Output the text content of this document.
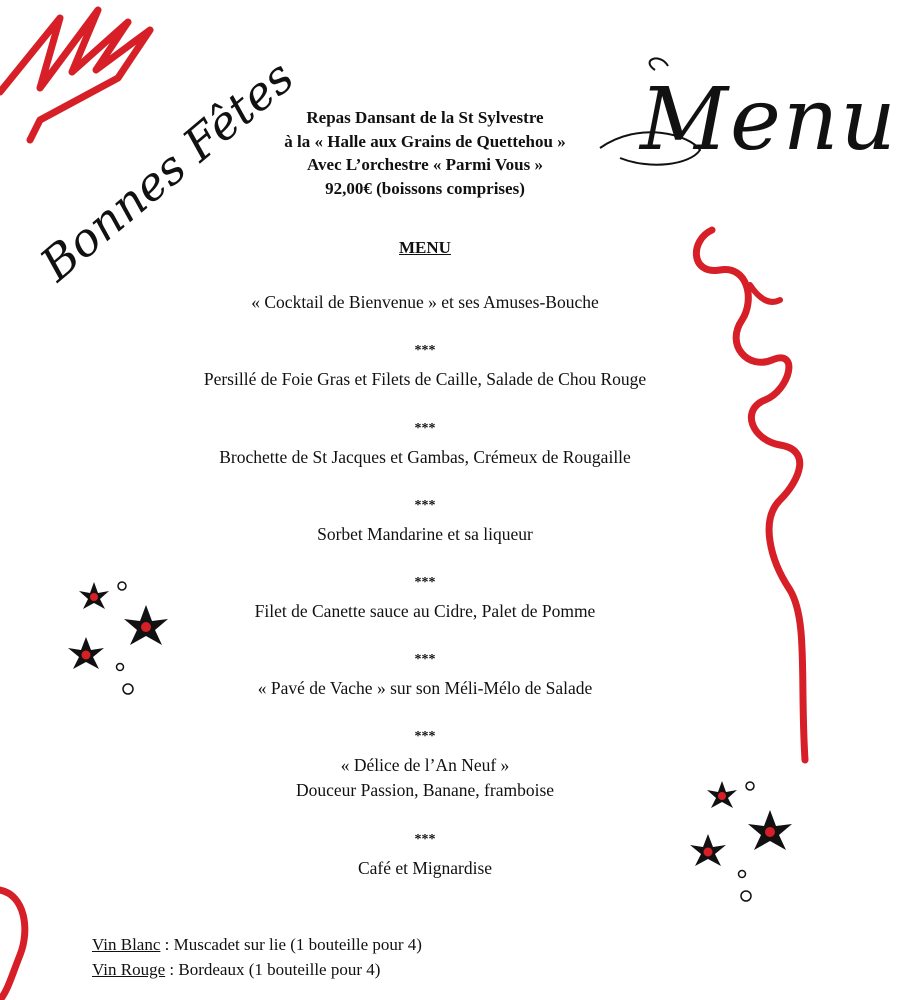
Bonnes Fêtes	Menu
Repas Dansant de la St Sylvestre
à la « Halle aux Grains de Quettehou »
Avec L’orchestre « Parmi Vous »
92,00€ (boissons comprises)
MENU
« Cocktail de Bienvenue » et ses Amuses-Bouche
***
Persillé de Foie Gras et Filets de Caille, Salade de Chou Rouge
***
Brochette de St Jacques et Gambas, Crémeux de Rougaille
***
Sorbet Mandarine et sa liqueur
***
Filet de Canette sauce au Cidre, Palet de Pomme
***
« Pavé de Vache » sur son Méli-Mélo de Salade
***
« Délice de l’An Neuf »
Douceur Passion, Banane, framboise
***
Café et Mignardise
Vin Blanc : Muscadet sur lie (1 bouteille pour 4)
Vin Rouge : Bordeaux (1 bouteille pour 4)
